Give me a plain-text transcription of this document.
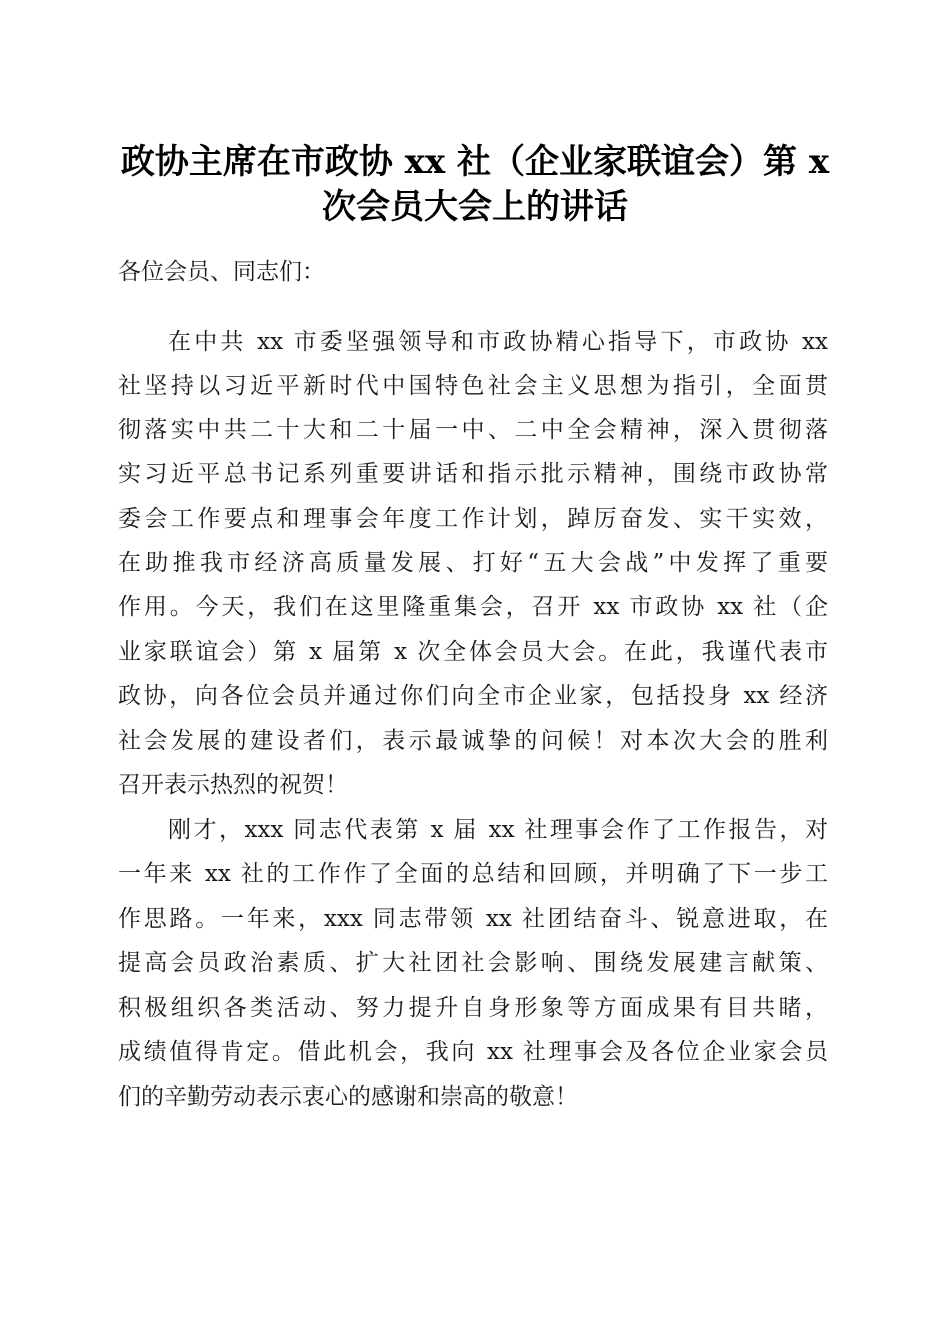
政协主席在市政协 xx 社（企业家联谊会）第 x
次会员大会上的讲话
各位会员、同志们：
在中共 xx 市委坚强领导和市政协精心指导下，市政协 xx
社坚持以习近平新时代中国特色社会主义思想为指引，全面贯
彻落实中共二十大和二十届一中、二中全会精神，深入贯彻落
实习近平总书记系列重要讲话和指示批示精神，围绕市政协常
委会工作要点和理事会年度工作计划，踔厉奋发、实干实效，
在助推我市经济高质量发展、打好“五大会战”中发挥了重要
作用。今天，我们在这里隆重集会，召开 xx 市政协 xx 社（企
业家联谊会）第 x 届第 x 次全体会员大会。在此，我谨代表市
政协，向各位会员并通过你们向全市企业家，包括投身 xx 经济
社会发展的建设者们，表示最诚挚的问候！对本次大会的胜利
召开表示热烈的祝贺！
刚才，xxx 同志代表第 x 届 xx 社理事会作了工作报告，对
一年来 xx 社的工作作了全面的总结和回顾，并明确了下一步工
作思路。一年来，xxx 同志带领 xx 社团结奋斗、锐意进取，在
提高会员政治素质、扩大社团社会影响、围绕发展建言献策、
积极组织各类活动、努力提升自身形象等方面成果有目共睹，
成绩值得肯定。借此机会，我向 xx 社理事会及各位企业家会员
们的辛勤劳动表示衷心的感谢和崇高的敬意！
